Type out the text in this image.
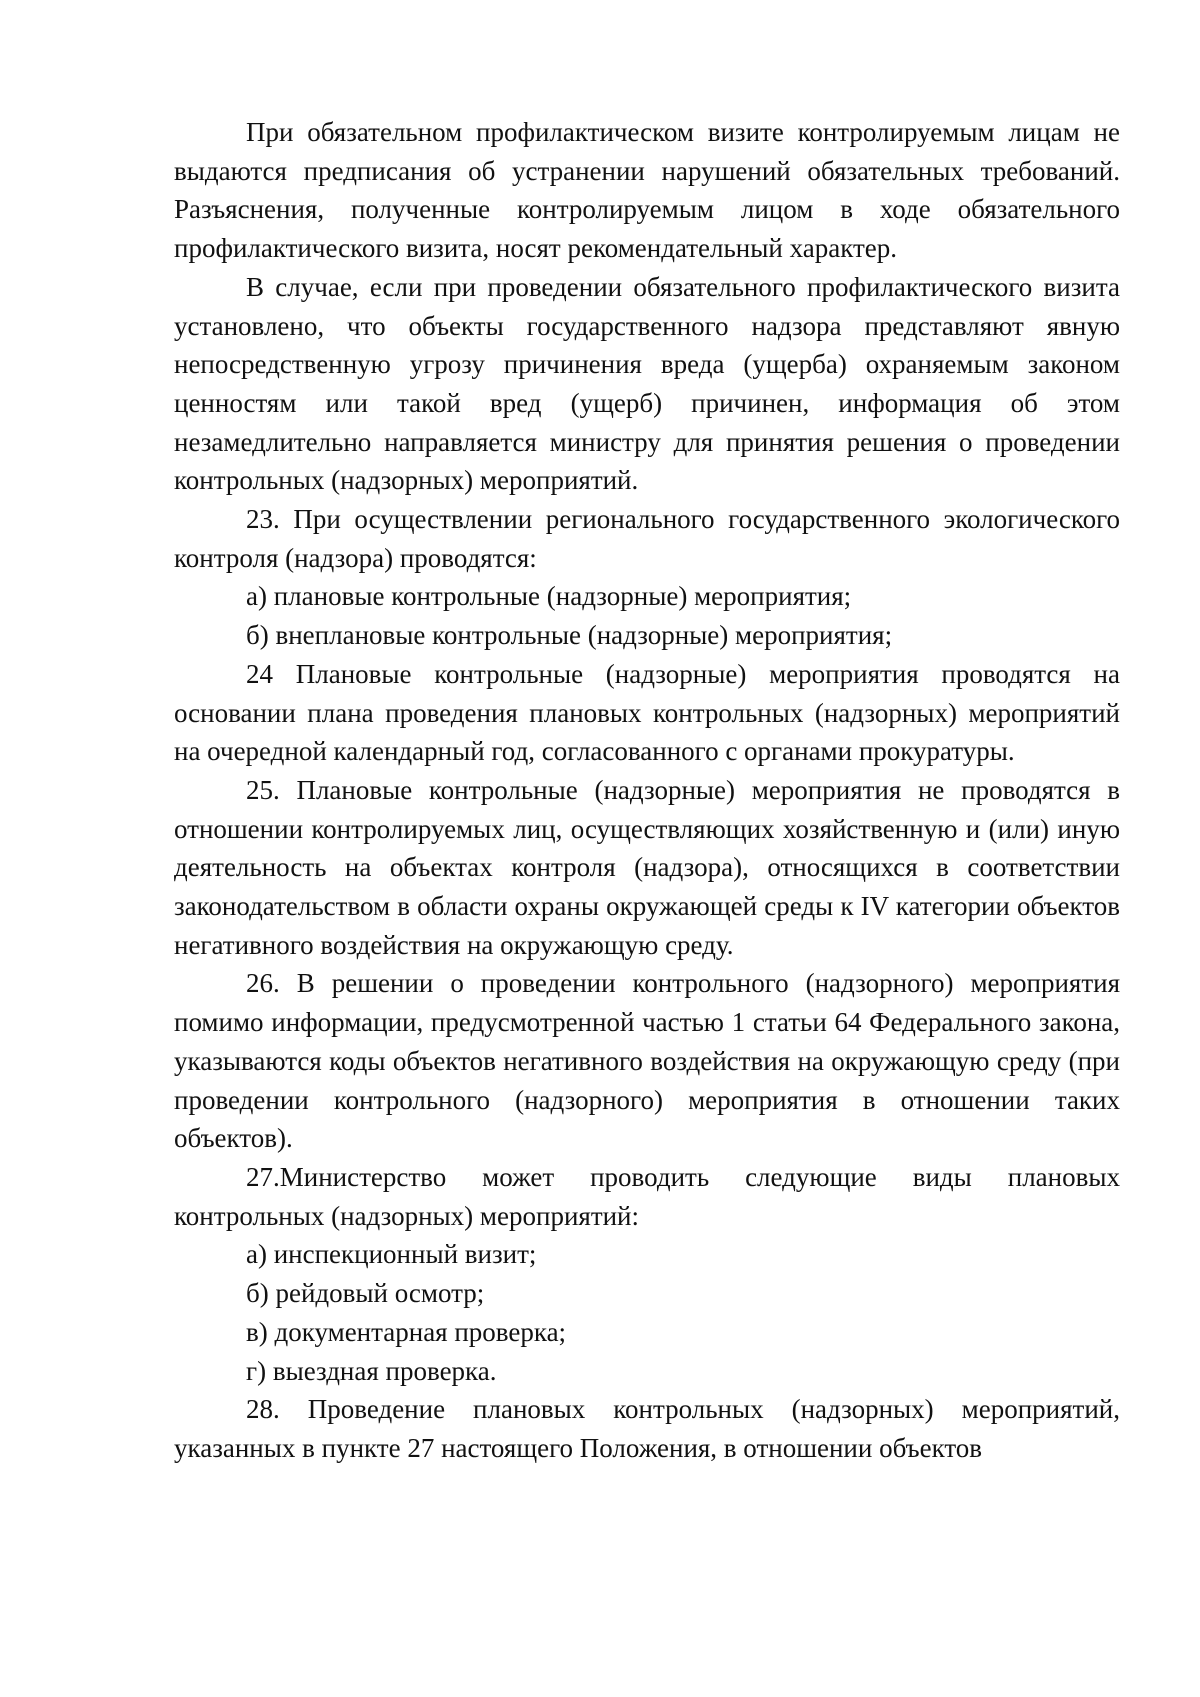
При обязательном профилактическом визите контролируемым лицам не выдаются предписания об устранении нарушений обязательных требований. Разъяснения, полученные контролируемым лицом в ходе обязательного профилактического визита, носят рекомендательный характер.

В случае, если при проведении обязательного профилактического визита установлено, что объекты государственного надзора представляют явную непосредственную угрозу причинения вреда (ущерба) охраняемым законом ценностям или такой вред (ущерб) причинен, информация об этом незамедлительно направляется министру для принятия решения о проведении контрольных (надзорных) мероприятий.

23. При осуществлении регионального государственного экологического контроля (надзора) проводятся:

а) плановые контрольные (надзорные) мероприятия;

б) внеплановые контрольные (надзорные) мероприятия;

24 Плановые контрольные (надзорные) мероприятия проводятся на основании плана проведения плановых контрольных (надзорных) мероприятий на очередной календарный год, согласованного с органами прокуратуры.

25. Плановые контрольные (надзорные) мероприятия не проводятся в отношении контролируемых лиц, осуществляющих хозяйственную и (или) иную деятельность на объектах контроля (надзора), относящихся в соответствии законодательством в области охраны окружающей среды к IV категории объектов негативного воздействия на окружающую среду.

26. В решении о проведении контрольного (надзорного) мероприятия помимо информации, предусмотренной частью 1 статьи 64 Федерального закона, указываются коды объектов негативного воздействия на окружающую среду (при проведении контрольного (надзорного) мероприятия в отношении таких объектов).

27.Министерство может проводить следующие виды плановых контрольных (надзорных) мероприятий:

а) инспекционный визит;

б) рейдовый осмотр;

в) документарная проверка;

г) выездная проверка.

28. Проведение плановых контрольных (надзорных) мероприятий, указанных в пункте 27 настоящего Положения, в отношении объектов
